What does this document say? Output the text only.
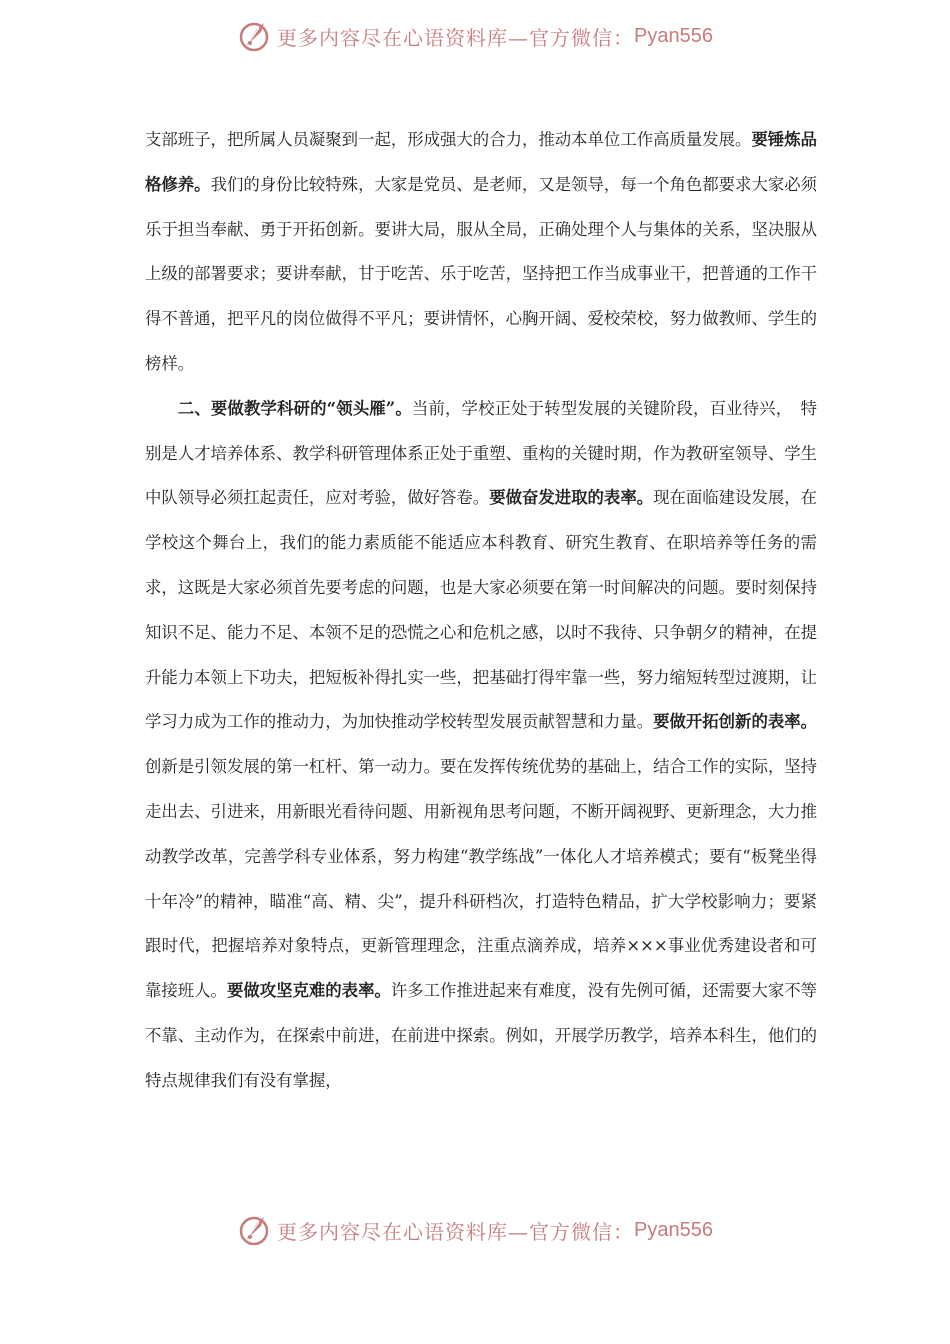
更多内容尽在心语资料库—官方微信： Pyan556

支部班子，把所属人员凝聚到一起，形成强大的合力，推动本单位工作高质量发展。要锤炼品格修养。我们的身份比较特殊，大家是党员、是老师，又是领导，每一个角色都要求大家必须乐于担当奉献、勇于开拓创新。要讲大局，服从全局，正确处理个人与集体的关系，坚决服从上级的部署要求；要讲奉献，甘于吃苦、乐于吃苦，坚持把工作当成事业干，把普通的工作干得不普通，把平凡的岗位做得不平凡；要讲情怀，心胸开阔、爱校荣校，努力做教师、学生的榜样。

二、要做教学科研的“领头雁”。当前，学校正处于转型发展的关键阶段，百业待兴，　特别是人才培养体系、教学科研管理体系正处于重塑、重构的关键时期，作为教研室领导、学生中队领导必须扛起责任，应对考验，做好答卷。要做奋发进取的表率。现在面临建设发展，在学校这个舞台上，我们的能力素质能不能适应本科教育、研究生教育、在职培养等任务的需求，这既是大家必须首先要考虑的问题，也是大家必须要在第一时间解决的问题。要时刻保持知识不足、能力不足、本领不足的恐慌之心和危机之感，以时不我待、只争朝夕的精神，在提升能力本领上下功夫，把短板补得扎实一些，把基础打得牢靠一些，努力缩短转型过渡期，让学习力成为工作的推动力，为加快推动学校转型发展贡献智慧和力量。要做开拓创新的表率。创新是引领发展的第一杠杆、第一动力。要在发挥传统优势的基础上，结合工作的实际，坚持走出去、引进来，用新眼光看待问题、用新视角思考问题，不断开阔视野、更新理念，大力推动教学改革，完善学科专业体系，努力构建“教学练战”一体化人才培养模式；要有“板凳坐得十年冷”的精神，瞄准“高、精、尖”，提升科研档次，打造特色精品，扩大学校影响力；要紧跟时代，把握培养对象特点，更新管理理念，注重点滴养成，培养×××事业优秀建设者和可靠接班人。要做攻坚克难的表率。许多工作推进起来有难度，没有先例可循，还需要大家不等不靠、主动作为，在探索中前进，在前进中探索。例如，开展学历教学，培养本科生，他们的特点规律我们有没有掌握，

更多内容尽在心语资料库—官方微信： Pyan556
